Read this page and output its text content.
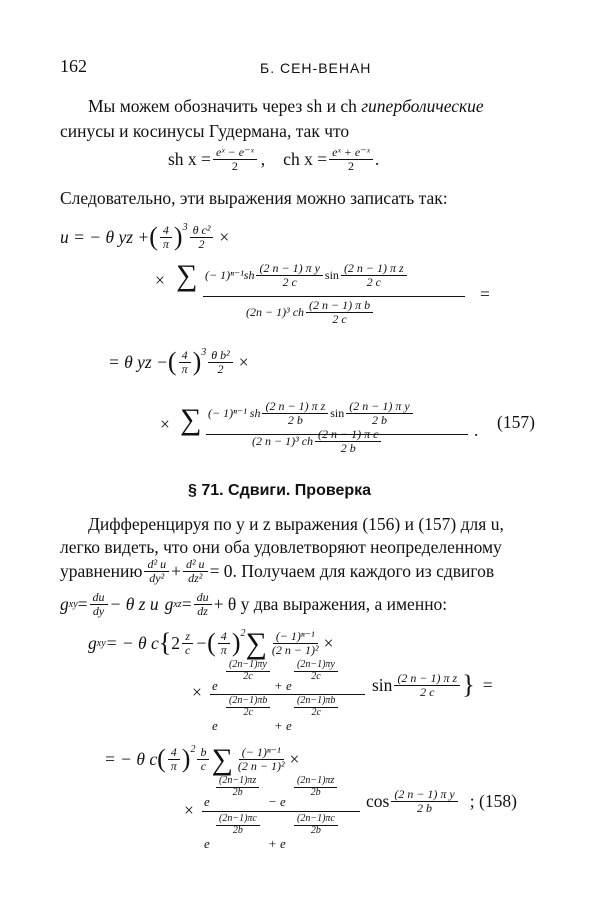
162	Б. СЕН-ВЕНАН
Мы можем обозначить через sh и ch гиперболические
синусы и косинусы Гудермана, так что
sh $x = \frac{\text{eˣ − e⁻ˣ}}{2}$ , ch $x = \frac{\text{eˣ + e⁻ˣ}}{2}$ .
Следовательно, эти выражения можно записать так:
u = − θ yz + ( $\frac{4}{\pi} )^3 \frac{\text{θ c²}}{2}$ ×
× ∑ (− $1)^{n-1}sh \frac{\text{(2 n − 1) π y}}{2 c}$ $\sin \frac{\text{(2 n − 1) π z}}{2 c}$
(2n − 1)³ ch $\frac{\text{(2 n − 1) π b}}{2 c}$
=
= θ yz − ( $\frac{4}{\pi} )^3 \frac{\text{θ b²}}{2}$ ×
× ∑ (− 1)ⁿ⁻¹ sh $\frac{\text{(2 n − 1) π z}}{2 b}$ $\sin \frac{\text{(2 n − 1) π y}}{2 b}$
(2 n − 1)³ ch $\frac{\text{(2 n − 1) π c}}{2 b}$	. (157)
§ 71. Сдвиги. Проверка
Дифференцируя по y и z выражения (156) и (157) для u,
легко видеть, что они оба удовлетворяют неопределенному
уравнению $\frac{\text{d² u}}{\text{dy²}} + \frac{\text{d² u}}{\text{dz²}} = 0$. Получаем для каждого из сдвигов
g xy = $\frac{du}{dy} - \theta$ z и g xz = $\frac{du}{dz} + \theta$ y два выражения, а именно:
g xy = − θ c { $2 \frac{z}{c}$ − ( $\frac{4}{\pi} )^2$ ∑ $\frac{\text{(− 1)ⁿ⁻¹}}{\text{(2 n − 1)²}}$ ×
×
$\frac{(2n-1)\pi y}{2c}$
e	+ e
$\frac{(2n-1)\pi y}{2c}$
$\frac{(2n-1)\pi b}{2c}$
e	+ e
$\frac{(2n-1)\pi b}{2c}$
$\sin \frac{\text{(2 n − 1) π z}}{2 c}$ } =
= − θ c ( $\frac{4}{\pi} )^2 \frac{b}{c}$ ∑ $\frac{\text{(− 1)ⁿ⁻¹}}{\text{(2 n − 1)²}}$ ×
×
$\frac{(2n-1)\pi z}{2b}$
e	− e
$\frac{(2n-1)\pi z}{2b}$
$\frac{(2n-1)\pi c}{2b}$
e	+ e
$\frac{(2n-1)\pi c}{2b}$
$\cos \frac{\text{(2 n − 1) π y}}{2 b}$ ; (158)
